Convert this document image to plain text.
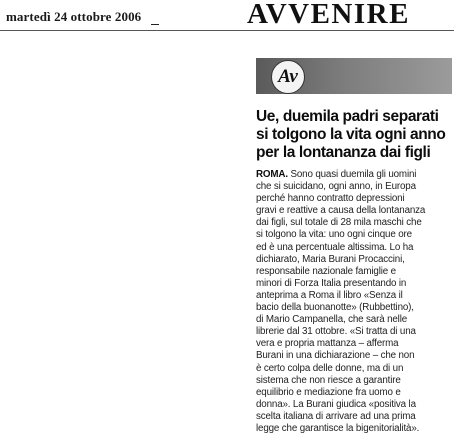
martedì 24 ottobre 2006	AVVENIRE
Av
Ue, duemila padri separati
si tolgono la vita ogni anno
per la lontananza dai figli
ROMA. Sono quasi duemila gli uomini
che si suicidano, ogni anno, in Europa
perché hanno contratto depressioni
gravi e reattive a causa della lontananza
dai figli, sul totale di 28 mila maschi che
si tolgono la vita: uno ogni cinque ore
ed è una percentuale altissima. Lo ha
dichiarato, Maria Burani Procaccini,
responsabile nazionale famiglie e
minori di Forza Italia presentando in
anteprima a Roma il libro «Senza il
bacio della buonanotte» (Rubbettino),
di Mario Campanella, che sarà nelle
librerie dal 31 ottobre. «Si tratta di una
vera e propria mattanza – afferma
Burani in una dichiarazione – che non
è certo colpa delle donne, ma di un
sistema che non riesce a garantire
equilibrio e mediazione fra uomo e
donna». La Burani giudica «positiva la
scelta italiana di arrivare ad una prima
legge che garantisce la bigenitorialità».
